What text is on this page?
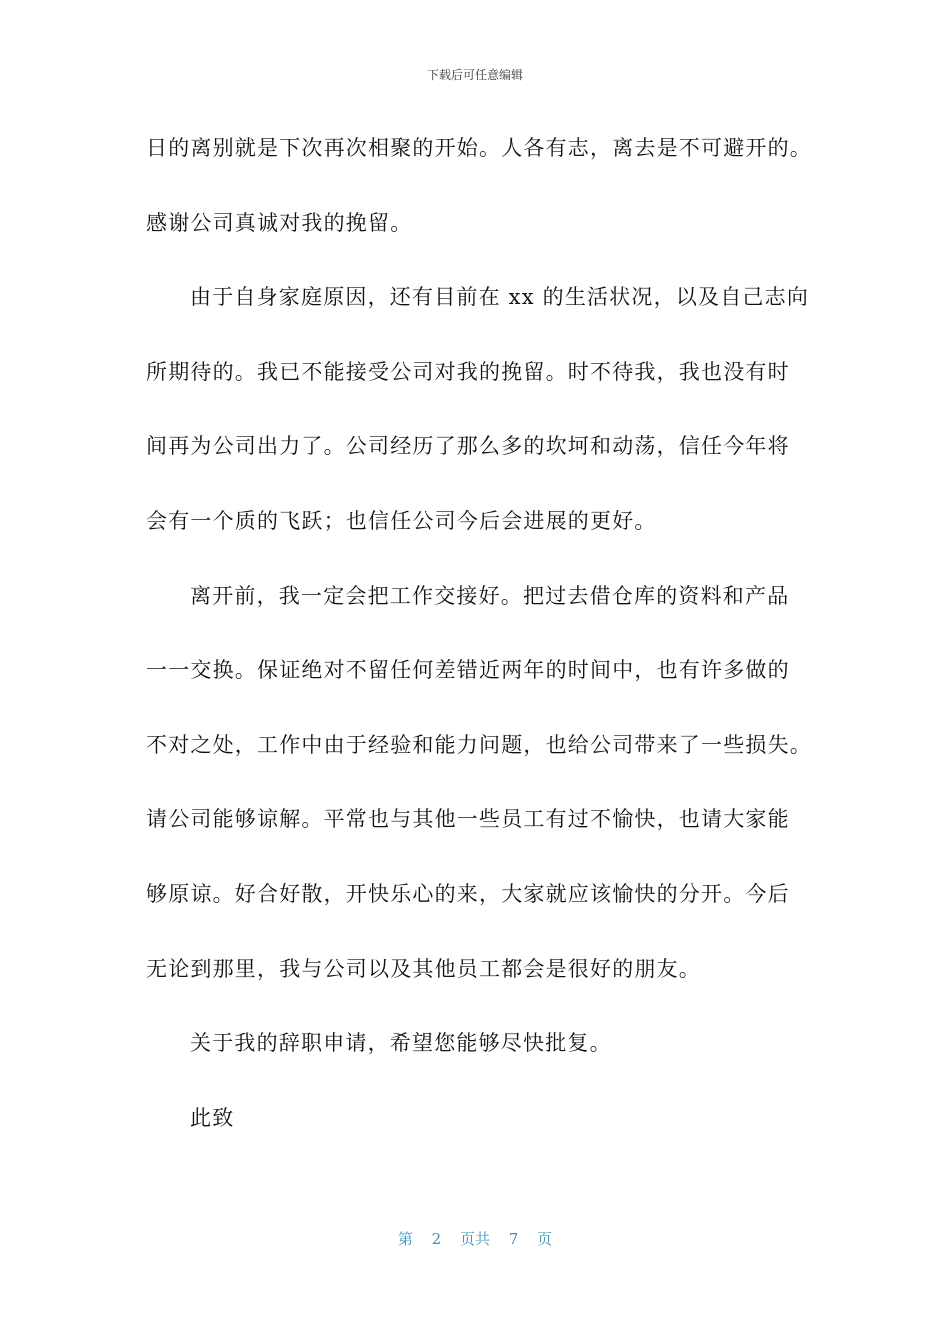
下载后可任意编辑
日的离别就是下次再次相聚的开始。人各有志，离去是不可避开的。
感谢公司真诚对我的挽留。
由于自身家庭原因，还有目前在 xx 的生活状况，以及自己志向
所期待的。我已不能接受公司对我的挽留。时不待我，我也没有时
间再为公司出力了。公司经历了那么多的坎坷和动荡，信任今年将
会有一个质的飞跃；也信任公司今后会进展的更好。
离开前，我一定会把工作交接好。把过去借仓库的资料和产品
一一交换。保证绝对不留任何差错近两年的时间中，也有许多做的
不对之处，工作中由于经验和能力问题，也给公司带来了一些损失。
请公司能够谅解。平常也与其他一些员工有过不愉快，也请大家能
够原谅。好合好散，开快乐心的来，大家就应该愉快的分开。今后
无论到那里，我与公司以及其他员工都会是很好的朋友。
关于我的辞职申请，希望您能够尽快批复。
此致
第 2 页共 7 页
